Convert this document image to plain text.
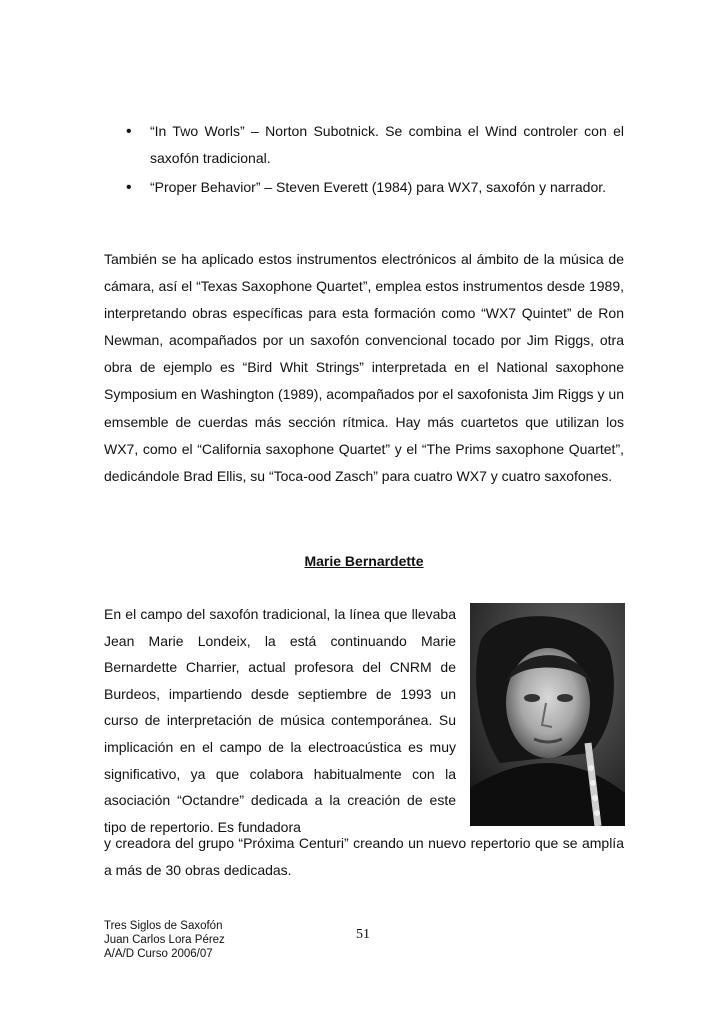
• “In Two Worls” – Norton Subotnick. Se combina el Wind controler con el saxofón tradicional.
• “Proper Behavior” – Steven Everett (1984) para WX7, saxofón y narrador.

También se ha aplicado estos instrumentos electrónicos al ámbito de la música de cámara, así el “Texas Saxophone Quartet”, emplea estos instrumentos desde 1989, interpretando obras específicas para esta formación como “WX7 Quintet” de Ron Newman, acompañados por un saxofón convencional tocado por Jim Riggs, otra obra de ejemplo es “Bird Whit Strings” interpretada en el National saxophone Symposium en Washington (1989), acompañados por el saxofonista Jim Riggs y un emsemble de cuerdas más sección rítmica. Hay más cuartetos que utilizan los WX7, como el “California saxophone Quartet” y el “The Prims saxophone Quartet”, dedicándole Brad Ellis, su “Toca-ood Zasch” para cuatro WX7 y cuatro saxofones.

Marie Bernardette

En el campo del saxofón tradicional, la línea que llevaba Jean Marie Londeix, la está continuando Marie Bernardette Charrier, actual profesora del CNRM de Burdeos, impartiendo desde septiembre de 1993 un curso de interpretación de música contemporánea. Su implicación en el campo de la electroacústica es muy significativo, ya que colabora habitualmente con la asociación “Octandre” dedicada a la creación de este tipo de repertorio. Es fundadora

y creadora del grupo “Próxima Centuri” creando un nuevo repertorio que se amplía a más de 30 obras dedicadas.

Tres Siglos de Saxofón
Juan Carlos Lora Pérez
A/A/D Curso 2006/07
51
